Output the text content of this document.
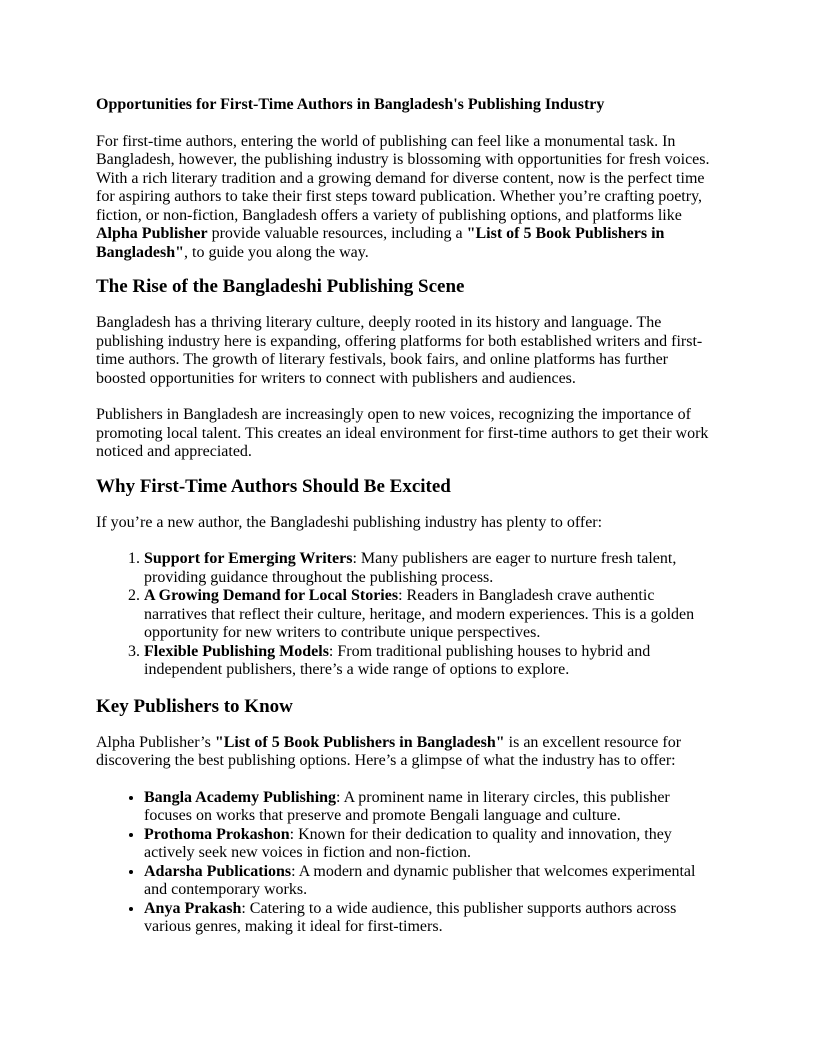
Opportunities for First-Time Authors in Bangladesh's Publishing Industry

For first-time authors, entering the world of publishing can feel like a monumental task. In Bangladesh, however, the publishing industry is blossoming with opportunities for fresh voices. With a rich literary tradition and a growing demand for diverse content, now is the perfect time for aspiring authors to take their first steps toward publication. Whether you’re crafting poetry, fiction, or non-fiction, Bangladesh offers a variety of publishing options, and platforms like Alpha Publisher provide valuable resources, including a "List of 5 Book Publishers in Bangladesh", to guide you along the way.

The Rise of the Bangladeshi Publishing Scene

Bangladesh has a thriving literary culture, deeply rooted in its history and language. The publishing industry here is expanding, offering platforms for both established writers and first-time authors. The growth of literary festivals, book fairs, and online platforms has further boosted opportunities for writers to connect with publishers and audiences.

Publishers in Bangladesh are increasingly open to new voices, recognizing the importance of promoting local talent. This creates an ideal environment for first-time authors to get their work noticed and appreciated.

Why First-Time Authors Should Be Excited

If you’re a new author, the Bangladeshi publishing industry has plenty to offer:

1. Support for Emerging Writers: Many publishers are eager to nurture fresh talent, providing guidance throughout the publishing process.
2. A Growing Demand for Local Stories: Readers in Bangladesh crave authentic narratives that reflect their culture, heritage, and modern experiences. This is a golden opportunity for new writers to contribute unique perspectives.
3. Flexible Publishing Models: From traditional publishing houses to hybrid and independent publishers, there’s a wide range of options to explore.
Key Publishers to Know

Alpha Publisher’s "List of 5 Book Publishers in Bangladesh" is an excellent resource for discovering the best publishing options. Here’s a glimpse of what the industry has to offer:

• Bangla Academy Publishing: A prominent name in literary circles, this publisher focuses on works that preserve and promote Bengali language and culture.
• Prothoma Prokashon: Known for their dedication to quality and innovation, they actively seek new voices in fiction and non-fiction.
• Adarsha Publications: A modern and dynamic publisher that welcomes experimental and contemporary works.
• Anya Prakash: Catering to a wide audience, this publisher supports authors across various genres, making it ideal for first-timers.
